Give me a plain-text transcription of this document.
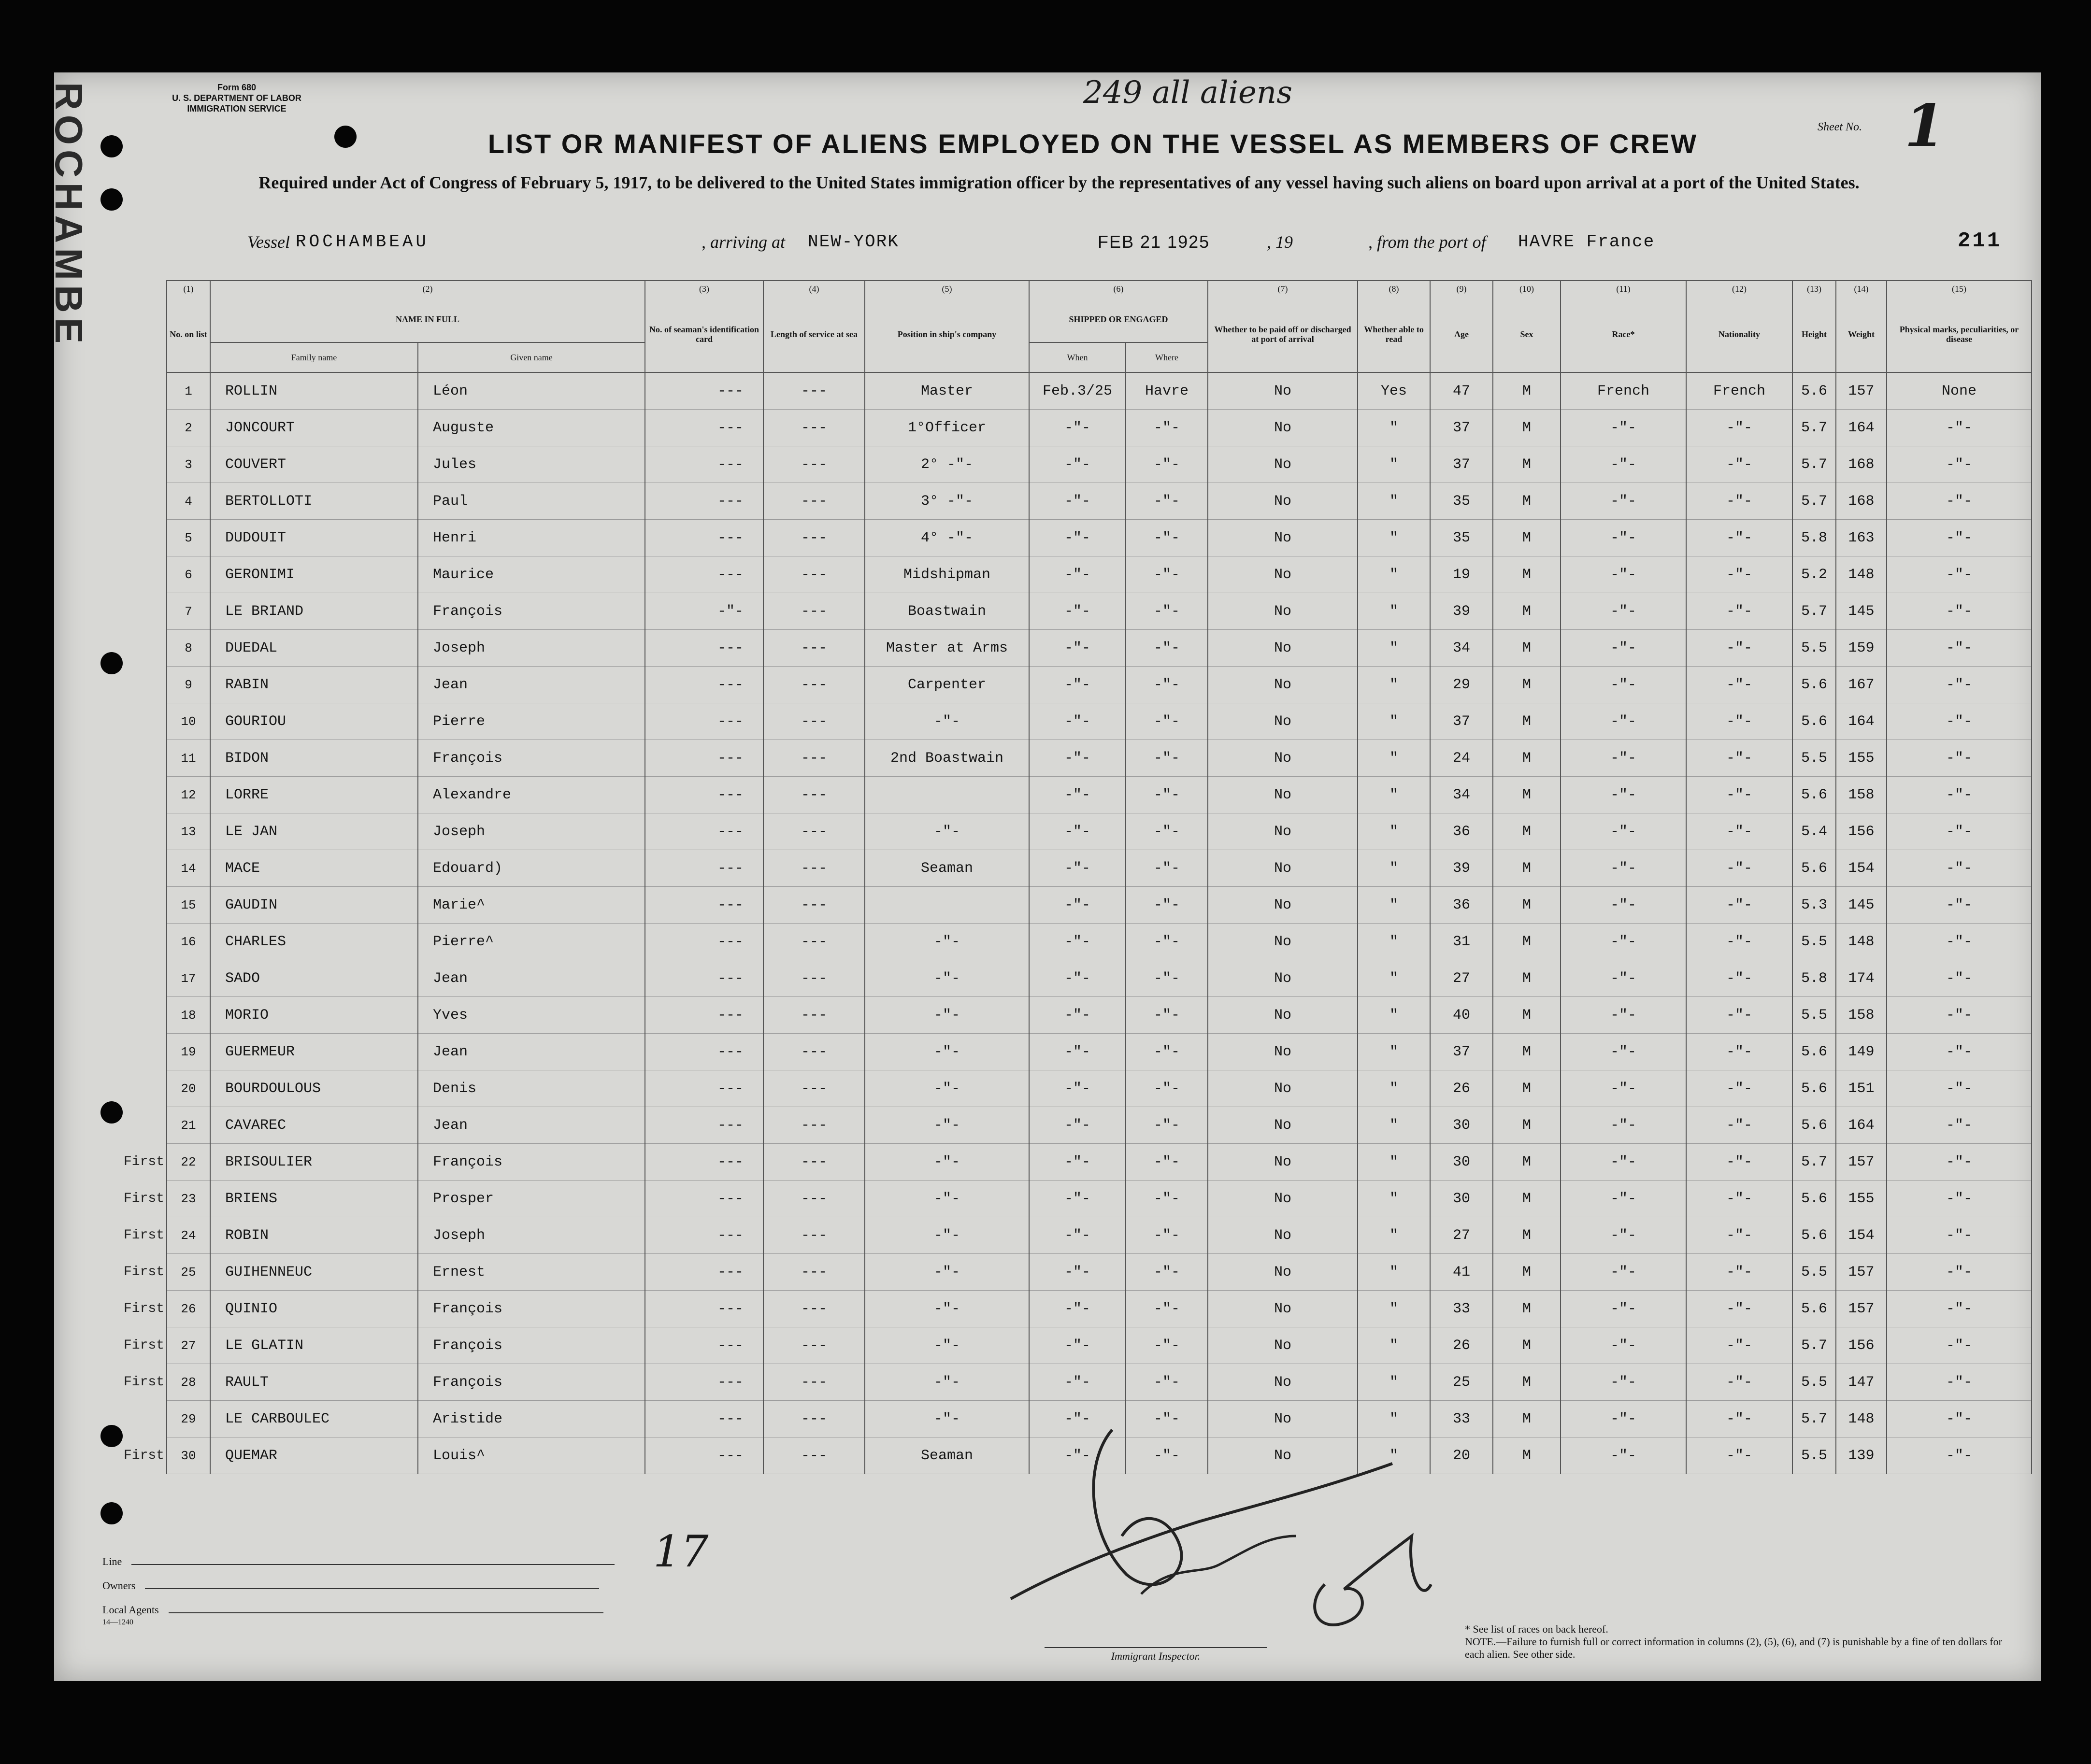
ROCHAMBE	Form 680
U. S. DEPARTMENT OF LABOR
IMMIGRATION SERVICE	249 all aliens
Sheet No. 1
LIST OR MANIFEST OF ALIENS EMPLOYED ON THE VESSEL AS MEMBERS OF CREW
Required under Act of Congress of February 5, 1917, to be delivered to the United States immigration officer by the representatives of any vessel having such aliens on board upon arrival at a port of the United States.
Vessel ROCHAMBEAU	, arriving at NEW-YORK	FEB 21 1925	, 19	, from the port of HAVRE France	211
	(1)	(2)		(3)	(4)	(5)	(6)		(7)	(8)	(9)	(10)	(11)	(12)	(13)	(14)	(15)
	No. on list	NAME IN FULL		No. of seaman's identification card	Length of service at sea	Position in ship's company	SHIPPED OR ENGAGED		Whether to be paid off or discharged at port of arrival	Whether able to read	Age	Sex	Race*	Nationality	Height	Weight	Physical marks, peculiarities, or disease
		Family name	Given name				When	Where									
	1	ROLLIN	Léon	---	---	Master	Feb.3/25	Havre	No	Yes	47	M	French	French	5.6	157	None
	2	JONCOURT	Auguste	---	---	1°Officer	-"-	-"-	No	"	37	M	-"-	-"-	5.7	164	-"-
	3	COUVERT	Jules	---	---	2° -"-	-"-	-"-	No	"	37	M	-"-	-"-	5.7	168	-"-
	4	BERTOLLOTI	Paul	---	---	3° -"-	-"-	-"-	No	"	35	M	-"-	-"-	5.7	168	-"-
	5	DUDOUIT	Henri	---	---	4° -"-	-"-	-"-	No	"	35	M	-"-	-"-	5.8	163	-"-
	6	GERONIMI	Maurice	---	---	Midshipman	-"-	-"-	No	"	19	M	-"-	-"-	5.2	148	-"-
	7	LE BRIAND	François	-"-	---	Boastwain	-"-	-"-	No	"	39	M	-"-	-"-	5.7	145	-"-
	8	DUEDAL	Joseph	---	---	Master at Arms	-"-	-"-	No	"	34	M	-"-	-"-	5.5	159	-"-
	9	RABIN	Jean	---	---	Carpenter	-"-	-"-	No	"	29	M	-"-	-"-	5.6	167	-"-
	10	GOURIOU	Pierre	---	---	-"-	-"-	-"-	No	"	37	M	-"-	-"-	5.6	164	-"-
	11	BIDON	François	---	---	2nd Boastwain	-"-	-"-	No	"	24	M	-"-	-"-	5.5	155	-"-
	12	LORRE	Alexandre	---	---		-"-	-"-	No	"	34	M	-"-	-"-	5.6	158	-"-
	13	LE JAN	Joseph	---	---	-"-	-"-	-"-	No	"	36	M	-"-	-"-	5.4	156	-"-
	14	MACE	Edouard)	---	---	Seaman	-"-	-"-	No	"	39	M	-"-	-"-	5.6	154	-"-
	15	GAUDIN	Marie^	---	---		-"-	-"-	No	"	36	M	-"-	-"-	5.3	145	-"-
	16	CHARLES	Pierre^	---	---	-"-	-"-	-"-	No	"	31	M	-"-	-"-	5.5	148	-"-
	17	SADO	Jean	---	---	-"-	-"-	-"-	No	"	27	M	-"-	-"-	5.8	174	-"-
	18	MORIO	Yves	---	---	-"-	-"-	-"-	No	"	40	M	-"-	-"-	5.5	158	-"-
	19	GUERMEUR	Jean	---	---	-"-	-"-	-"-	No	"	37	M	-"-	-"-	5.6	149	-"-
	20	BOURDOULOUS	Denis	---	---	-"-	-"-	-"-	No	"	26	M	-"-	-"-	5.6	151	-"-
	21	CAVAREC	Jean	---	---	-"-	-"-	-"-	No	"	30	M	-"-	-"-	5.6	164	-"-
First	22	BRISOULIER	François	---	---	-"-	-"-	-"-	No	"	30	M	-"-	-"-	5.7	157	-"-
First	23	BRIENS	Prosper	---	---	-"-	-"-	-"-	No	"	30	M	-"-	-"-	5.6	155	-"-
First	24	ROBIN	Joseph	---	---	-"-	-"-	-"-	No	"	27	M	-"-	-"-	5.6	154	-"-
First	25	GUIHENNEUC	Ernest	---	---	-"-	-"-	-"-	No	"	41	M	-"-	-"-	5.5	157	-"-
First	26	QUINIO	François	---	---	-"-	-"-	-"-	No	"	33	M	-"-	-"-	5.6	157	-"-
First	27	LE GLATIN	François	---	---	-"-	-"-	-"-	No	"	26	M	-"-	-"-	5.7	156	-"-
First	28	RAULT	François	---	---	-"-	-"-	-"-	No	"	25	M	-"-	-"-	5.5	147	-"-
	29	LE CARBOULEC	Aristide	---	---	-"-	-"-	-"-	No	"	33	M	-"-	-"-	5.7	148	-"-
First	30	QUEMAR	Louis^	---	---	Seaman	-"-	-"-	No	"	20	M	-"-	-"-	5.5	139	-"-
Line
Owners
Local Agents
14—1240
17
Immigrant Inspector.
* See list of races on back hereof.
NOTE.—Failure to furnish full or correct information in columns (2), (5), (6), and (7) is punishable by a fine of ten dollars for each alien. See other side.
